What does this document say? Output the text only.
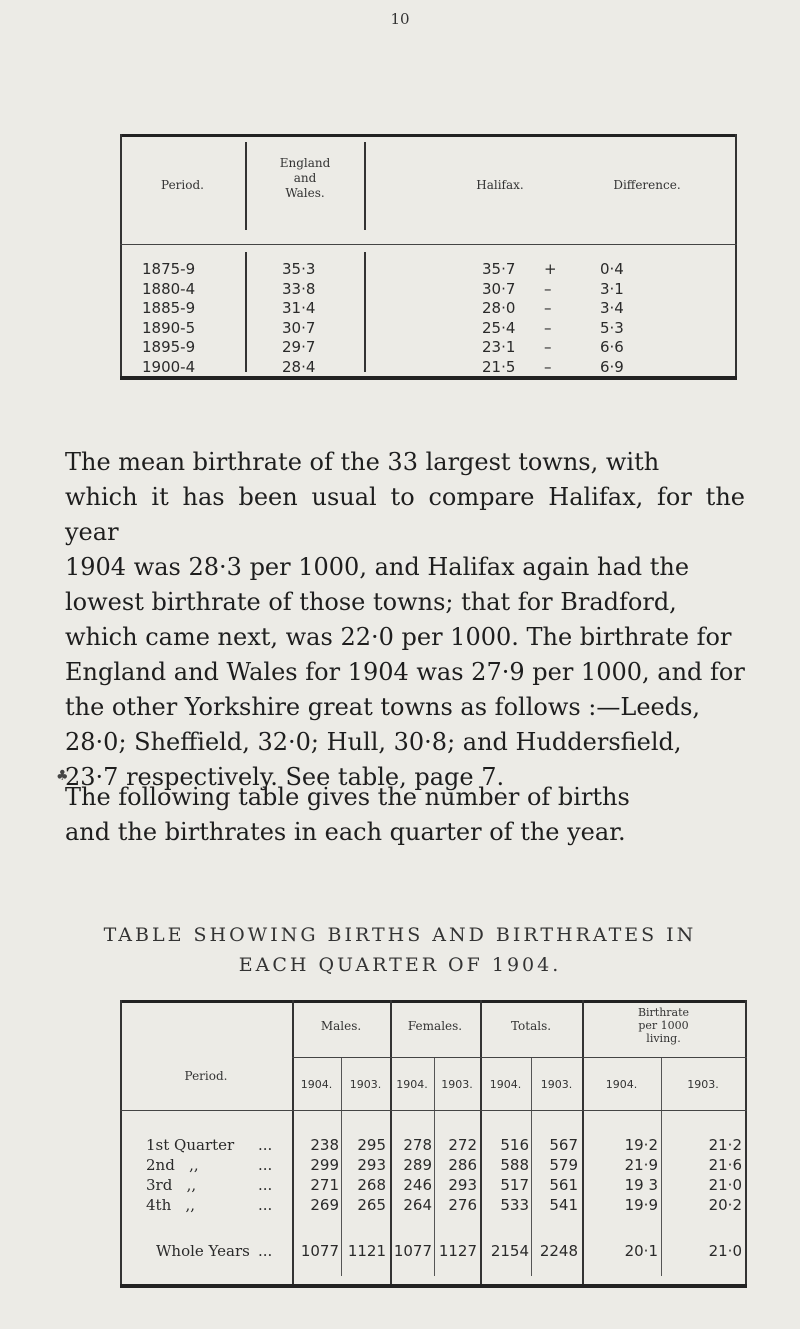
10
Period.
England
and
Wales.
Halifax.	Difference.
1875-9	35·3	35·7 +	0·4
1880-4	33·8	30·7 –	3·1
1885-9	31·4	28·0 –	3·4
1890-5	30·7	25·4 –	5·3
1895-9	29·7	23·1 –	6·6
1900-4	28·4	21·5 –	6·9
The mean birthrate of the 33 largest towns, with
which it has been usual to compare Halifax, for the year
1904 was 28·3 per 1000, and Halifax again had the
lowest birthrate of those towns; that for Bradford,
which came next, was 22·0 per 1000. The birthrate for
England and Wales for 1904 was 27·9 per 1000, and for
the other Yorkshire great towns as follows :—Leeds,
28·0; Sheffield, 32·0; Hull, 30·8; and Huddersfield,
23·7 respectively. See table, page 7.
The following table gives the number of births
and the birthrates in each quarter of the year.
♣
TABLE SHOWING BIRTHS AND BIRTHRATES IN
EACH QUARTER OF 1904.
Period.
Males.	Females.	Totals.
Birthrate
per 1000
living.
1904.	1903.	1904.	1903.	1904.	1903.	1904.	1903.
1st Quarter ...	238 295 278 272 516 567	19·2	21·2
2nd   ,,	...	299 293 289 286 588 579	21·9	21·6
3rd   ,,	...	271 268 246 293 517 561	19 3	21·0
4th   ,,	...	269 265 264 276 533 541	19·9	20·2
Whole Years ... 1077 1121 1077 1127 2154 2248	20·1	21·0
